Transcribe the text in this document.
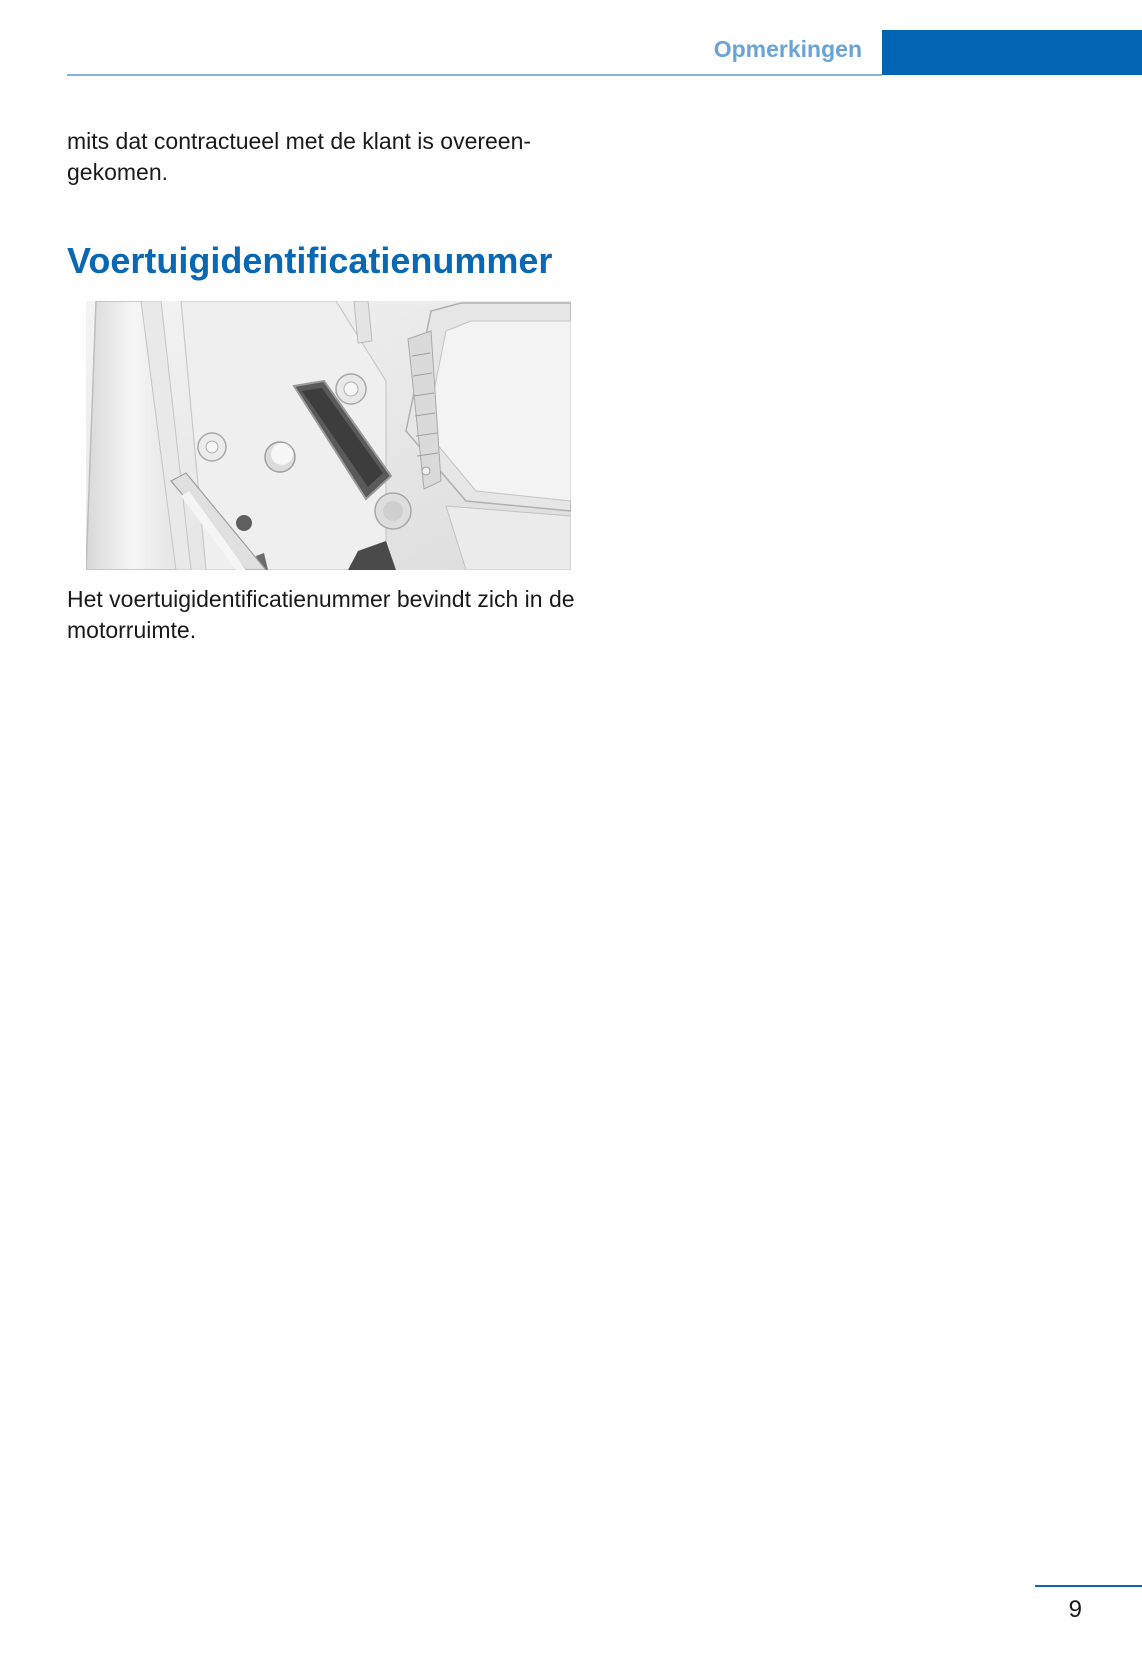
Opmerkingen

mits dat contractueel met de klant is overeengekomen.

Voertuigidentificatienummer

Het voertuigidentificatienummer bevindt zich in de motorruimte.

9
